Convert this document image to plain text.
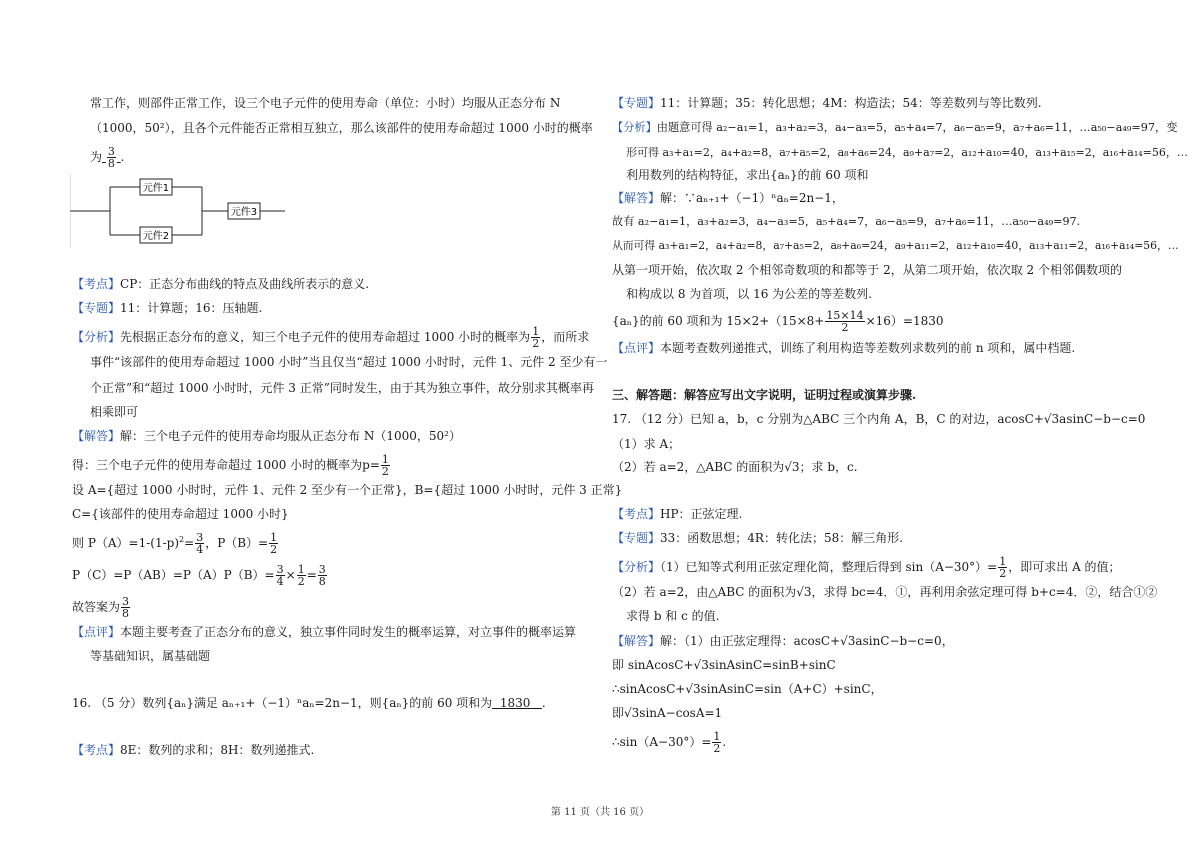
常工作，则部件正常工作，设三个电子元件的使用寿命（单位：小时）均服从正态分布 N
（1000，50²），且各个元件能否正常相互独立，那么该部件的使用寿命超过 1000 小时的概率
为 $\frac{3}{8}$ .
元件1
元件2
元件3
【考点】CP：正态分布曲线的特点及曲线所表示的意义.
【专题】11：计算题；16：压轴题.
【分析】先根据正态分布的意义，知三个电子元件的使用寿命超过 1000 小时的概率为 $\frac{1}{2}$ ，而所求
事件“该部件的使用寿命超过 1000 小时”当且仅当“超过 1000 小时时，元件 1、元件 2 至少有一
个正常”和“超过 1000 小时时，元件 3 正常”同时发生，由于其为独立事件，故分别求其概率再
相乘即可
【解答】解：三个电子元件的使用寿命均服从正态分布 N（1000，50²）
得：三个电子元件的使用寿命超过 1000 小时的概率为$p= \frac{1}{2}$
设 A={超过 1000 小时时，元件 1、元件 2 至少有一个正常}，B={超过 1000 小时时，元件 3 正常}
C={该部件的使用寿命超过 1000 小时}
则 $P(A)=1-(1-p)^2= \frac{3}{4}$ ，$P(B)= \frac{1}{2}$
$P(C)=P(AB)=P(A)P(B)= \frac{3}{4} \times \frac{1}{2} = \frac{3}{8}$
故答案为 $\frac{3}{8}$
【点评】本题主要考查了正态分布的意义，独立事件同时发生的概率运算，对立事件的概率运算
等基础知识，属基础题
16. （5 分）数列{aₙ}满足 aₙ₊₁+（−1）ⁿaₙ=2n−1，则{aₙ}的前 60 项和为 1830 .
【考点】8E：数列的求和；8H：数列递推式.
【专题】11：计算题；35：转化思想；4M：构造法；54：等差数列与等比数列.
【分析】由题意可得 a₂−a₁=1，a₃+a₂=3，a₄−a₃=5，a₅+a₄=7，a₆−a₅=9，a₇+a₆=11，…a₅₀−a₄₉=97，变
形可得 a₃+a₁=2，a₄+a₂=8，a₇+a₅=2，a₈+a₆=24，a₉+a₇=2，a₁₂+a₁₀=40，a₁₃+a₁₅=2，a₁₆+a₁₄=56，…
利用数列的结构特征，求出{aₙ}的前 60 项和
【解答】解：∵aₙ₊₁+（−1）ⁿaₙ=2n−1，
故有 a₂−a₁=1，a₃+a₂=3，a₄−a₃=5，a₅+a₄=7，a₆−a₅=9，a₇+a₆=11，…a₅₀−a₄₉=97.
从而可得 a₃+a₁=2，a₄+a₂=8，a₇+a₅=2，a₈+a₆=24，a₉+a₁₁=2，a₁₂+a₁₀=40，a₁₃+a₁₁=2，a₁₆+a₁₄=56，…
从第一项开始，依次取 2 个相邻奇数项的和都等于 2，从第二项开始，依次取 2 个相邻偶数项的
和构成以 8 为首项，以 16 为公差的等差数列.
{aₙ}的前 60 项和为 $15\times 2+(15\times 8+ \frac{15\times 14}{2} \times 16)=1830$
【点评】本题考查数列递推式，训练了利用构造等差数列求数列的前 n 项和，属中档题.
三、解答题：解答应写出文字说明，证明过程或演算步骤.
17. （12 分）已知 a，b，c 分别为△ABC 三个内角 A，B，C 的对边，acosC+√3asinC−b−c=0
（1）求 A；
（2）若 a=2，△ABC 的面积为√3；求 b，c.
【考点】HP：正弦定理.
【专题】33：函数思想；4R：转化法；58：解三角形.
【分析】（1）已知等式利用正弦定理化简，整理后得到 $\sin(A-30^\circ)= \frac{1}{2}$ ，即可求出 A 的值；
（2）若 a=2，由△ABC 的面积为√3，求得 bc=4．①，再利用余弦定理可得 b+c=4．②，结合①②
求得 b 和 c 的值.
【解答】解：（1）由正弦定理得：acosC+√3asinC−b−c=0，
即 sinAcosC+√3sinAsinC=sinB+sinC
∴sinAcosC+√3sinAsinC=sin（A+C）+sinC，
即√3sinA−cosA=1
∴sin（A−30°）= $\frac{1}{2}$ .
第 11 页（共 16 页）
